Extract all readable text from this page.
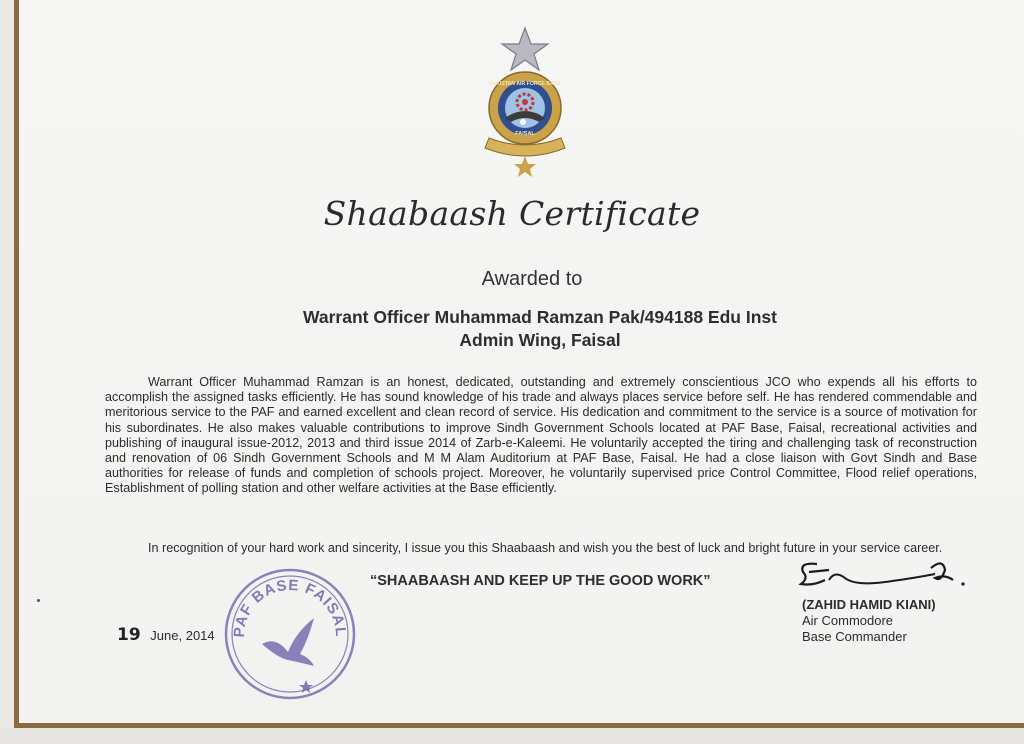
PAKISTAN AIR FORCE BASE
FAISAL
Shaabaash Certificate
Awarded to
Warrant Officer Muhammad Ramzan Pak/494188 Edu Inst
Admin Wing, Faisal
Warrant Officer Muhammad Ramzan is an honest, dedicated, outstanding and extremely conscientious JCO who expends all his efforts to accomplish the assigned tasks efficiently. He has sound knowledge of his trade and always places service before self. He has rendered commendable and meritorious service to the PAF and earned excellent and clean record of service. His dedication and commitment to the service is a source of motivation for his subordinates. He also makes valuable contributions to improve Sindh Government Schools located at PAF Base, Faisal, recreational activities and publishing of inaugural issue-2012, 2013 and third issue 2014 of Zarb-e-Kaleemi. He voluntarily accepted the tiring and challenging task of reconstruction and renovation of 06 Sindh Government Schools and M M Alam Auditorium at PAF Base, Faisal. He had a close liaison with Govt Sindh and Base authorities for release of funds and completion of schools project. Moreover, he voluntarily supervised price Control Committee, Flood relief operations, Establishment of polling station and other welfare activities at the Base efficiently.
In recognition of your hard work and sincerity, I issue you this Shaabaash and wish you the best of luck and bright future in your service career.
“SHAABAASH AND KEEP UP THE GOOD WORK”
(ZAHID HAMID KIANI)
Air Commodore
Base Commander
19 June, 2014 PAF BASE FAISAL
